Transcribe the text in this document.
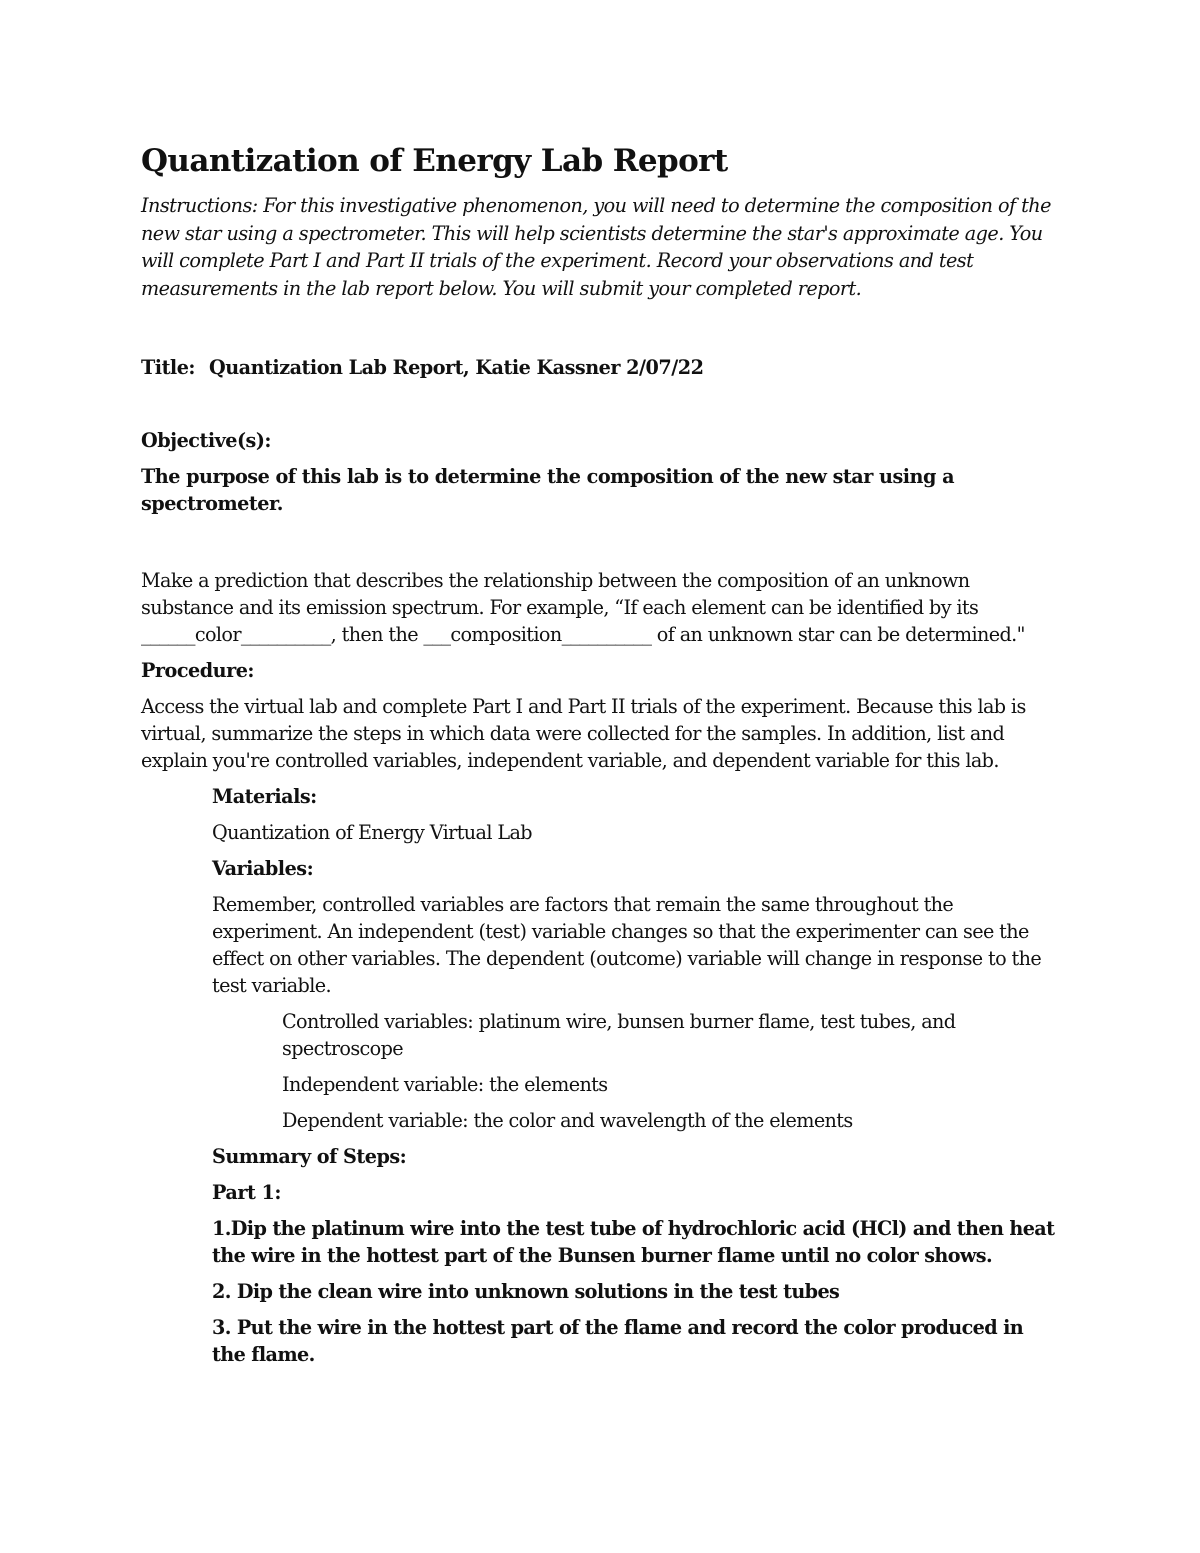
Quantization of Energy Lab Report

Instructions: For this investigative phenomenon, you will need to determine the composition of the new star using a spectrometer. This will help scientists determine the star's approximate age. You will complete Part I and Part II trials of the experiment. Record your observations and test measurements in the lab report below. You will submit your completed report.

Title: Quantization Lab Report, Katie Kassner 2/07/22

Objective(s):

The purpose of this lab is to determine the composition of the new star using a spectrometer.

Make a prediction that describes the relationship between the composition of an unknown substance and its emission spectrum. For example, “If each element can be identified by its ______color__________, then the ___composition__________ of an unknown star can be determined."

Procedure:

Access the virtual lab and complete Part I and Part II trials of the experiment. Because this lab is virtual, summarize the steps in which data were collected for the samples. In addition, list and explain you're controlled variables, independent variable, and dependent variable for this lab.

Materials:

Quantization of Energy Virtual Lab

Variables:

Remember, controlled variables are factors that remain the same throughout the experiment. An independent (test) variable changes so that the experimenter can see the effect on other variables. The dependent (outcome) variable will change in response to the test variable.

Controlled variables: platinum wire, bunsen burner flame, test tubes, and spectroscope

Independent variable: the elements

Dependent variable: the color and wavelength of the elements

Summary of Steps:

Part 1:

1.Dip the platinum wire into the test tube of hydrochloric acid (HCl) and then heat the wire in the hottest part of the Bunsen burner flame until no color shows.

2. Dip the clean wire into unknown solutions in the test tubes

3. Put the wire in the hottest part of the flame and record the color produced in the flame.
